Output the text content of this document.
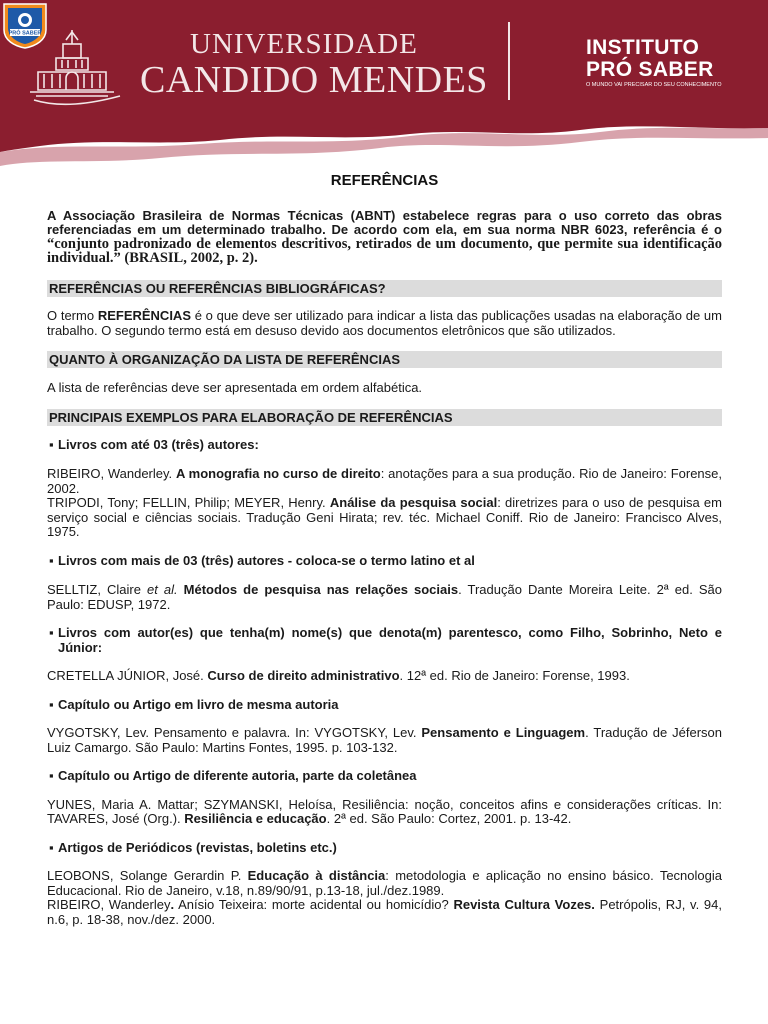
UNIVERSIDADE
CANDIDO MENDES
PRÓ SABER
INSTITUTO
PRÓ SABER
O MUNDO VAI PRECISAR DO SEU CONHECIMENTO
REFERÊNCIAS

A Associação Brasileira de Normas Técnicas (ABNT) estabelece regras para o uso correto das obras referenciadas em um determinado trabalho. De acordo com ela, em sua norma NBR 6023, referência é o “conjunto padronizado de elementos descritivos, retirados de um documento, que permite sua identificação individual.” (BRASIL, 2002, p. 2).

REFERÊNCIAS OU REFERÊNCIAS BIBLIOGRÁFICAS?

O termo REFERÊNCIAS é o que deve ser utilizado para indicar a lista das publicações usadas na elaboração de um trabalho. O segundo termo está em desuso devido aos documentos eletrônicos que são utilizados.

QUANTO À ORGANIZAÇÃO DA LISTA DE REFERÊNCIAS

A lista de referências deve ser apresentada em ordem alfabética.

PRINCIPAIS EXEMPLOS PARA ELABORAÇÃO DE REFERÊNCIAS
▪ Livros com até 03 (três) autores:

RIBEIRO, Wanderley. A monografia no curso de direito: anotações para a sua produção. Rio de Janeiro: Forense, 2002.

TRIPODI, Tony; FELLIN, Philip; MEYER, Henry. Análise da pesquisa social: diretrizes para o uso de pesquisa em serviço social e ciências sociais. Tradução Geni Hirata; rev. téc. Michael Coniff. Rio de Janeiro: Francisco Alves, 1975.

▪ Livros com mais de 03 (três) autores - coloca-se o termo latino et al

SELLTIZ, Claire et al. Métodos de pesquisa nas relações sociais. Tradução Dante Moreira Leite. 2ª ed. São Paulo: EDUSP, 1972.

▪ Livros com autor(es) que tenha(m) nome(s) que denota(m) parentesco, como Filho, Sobrinho, Neto e Júnior:

CRETELLA JÚNIOR, José. Curso de direito administrativo. 12ª ed. Rio de Janeiro: Forense, 1993.

▪ Capítulo ou Artigo em livro de mesma autoria

VYGOTSKY, Lev. Pensamento e palavra. In: VYGOTSKY, Lev. Pensamento e Linguagem. Tradução de Jéferson Luiz Camargo. São Paulo: Martins Fontes, 1995. p. 103-132.

▪ Capítulo ou Artigo de diferente autoria, parte da coletânea

YUNES, Maria A. Mattar; SZYMANSKI, Heloísa, Resiliência: noção, conceitos afins e considerações críticas. In: TAVARES, José (Org.). Resiliência e educação. 2ª ed. São Paulo: Cortez, 2001. p. 13-42.

▪ Artigos de Periódicos (revistas, boletins etc.)

LEOBONS, Solange Gerardin P. Educação à distância: metodologia e aplicação no ensino básico. Tecnologia Educacional. Rio de Janeiro, v.18, n.89/90/91, p.13-18, jul./dez.1989.

RIBEIRO, Wanderley. Anísio Teixeira: morte acidental ou homicídio? Revista Cultura Vozes. Petrópolis, RJ, v. 94, n.6, p. 18-38, nov./dez. 2000.
